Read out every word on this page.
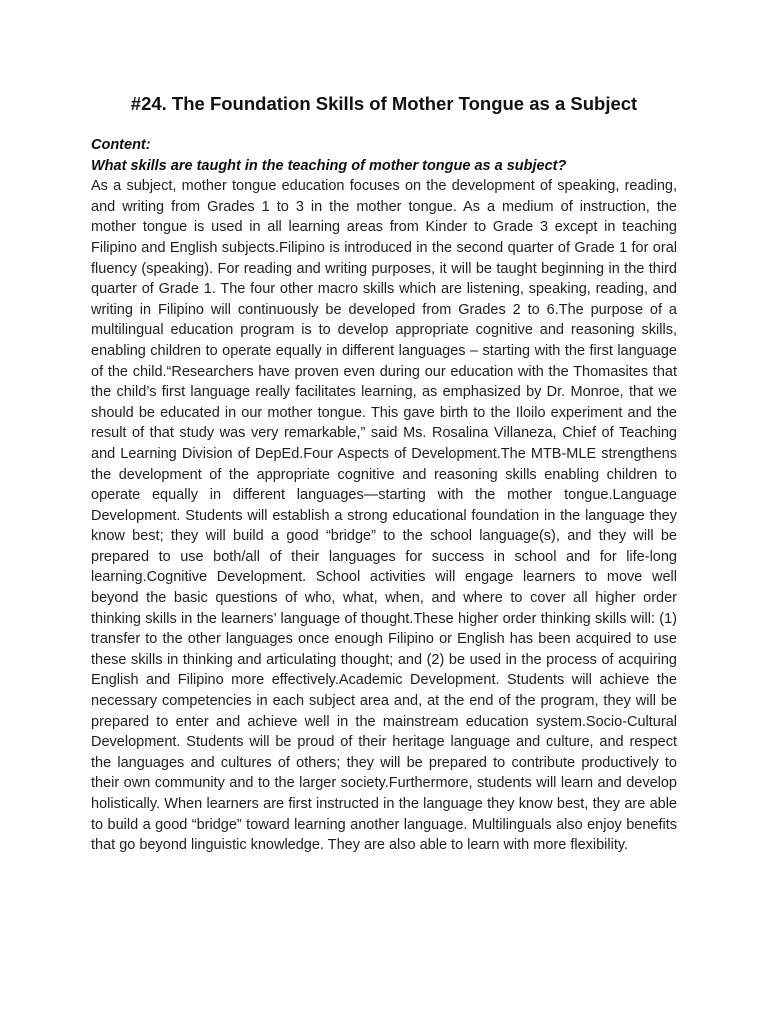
#24. The Foundation Skills of Mother Tongue as a Subject

Content:

What skills are taught in the teaching of mother tongue as a subject?

As a subject, mother tongue education focuses on the development of speaking, reading, and writing from Grades 1 to 3 in the mother tongue. As a medium of instruction, the mother tongue is used in all learning areas from Kinder to Grade 3 except in teaching Filipino and English subjects.Filipino is introduced in the second quarter of Grade 1 for oral fluency (speaking). For reading and writing purposes, it will be taught beginning in the third quarter of Grade 1. The four other macro skills which are listening, speaking, reading, and writing in Filipino will continuously be developed from Grades 2 to 6.The purpose of a multilingual education program is to develop appropriate cognitive and reasoning skills, enabling children to operate equally in different languages – starting with the first language of the child.“Researchers have proven even during our education with the Thomasites that the child’s first language really facilitates learning, as emphasized by Dr. Monroe, that we should be educated in our mother tongue. This gave birth to the Iloilo experiment and the result of that study was very remarkable,” said Ms. Rosalina Villaneza, Chief of Teaching and Learning Division of DepEd.Four Aspects of Development.The MTB-MLE strengthens the development of the appropriate cognitive and reasoning skills enabling children to operate equally in different languages—starting with the mother tongue.Language Development. Students will establish a strong educational foundation in the language they know best; they will build a good “bridge” to the school language(s), and they will be prepared to use both/all of their languages for success in school and for life-long learning.Cognitive Development. School activities will engage learners to move well beyond the basic questions of who, what, when, and where to cover all higher order thinking skills in the learners’ language of thought.These higher order thinking skills will: (1) transfer to the other languages once enough Filipino or English has been acquired to use these skills in thinking and articulating thought; and (2) be used in the process of acquiring English and Filipino more effectively.Academic Development. Students will achieve the necessary competencies in each subject area and, at the end of the program, they will be prepared to enter and achieve well in the mainstream education system.Socio-Cultural Development. Students will be proud of their heritage language and culture, and respect the languages and cultures of others; they will be prepared to contribute productively to their own community and to the larger society.Furthermore, students will learn and develop holistically. When learners are first instructed in the language they know best, they are able to build a good “bridge” toward learning another language. Multilinguals also enjoy benefits that go beyond linguistic knowledge. They are also able to learn with more flexibility.
